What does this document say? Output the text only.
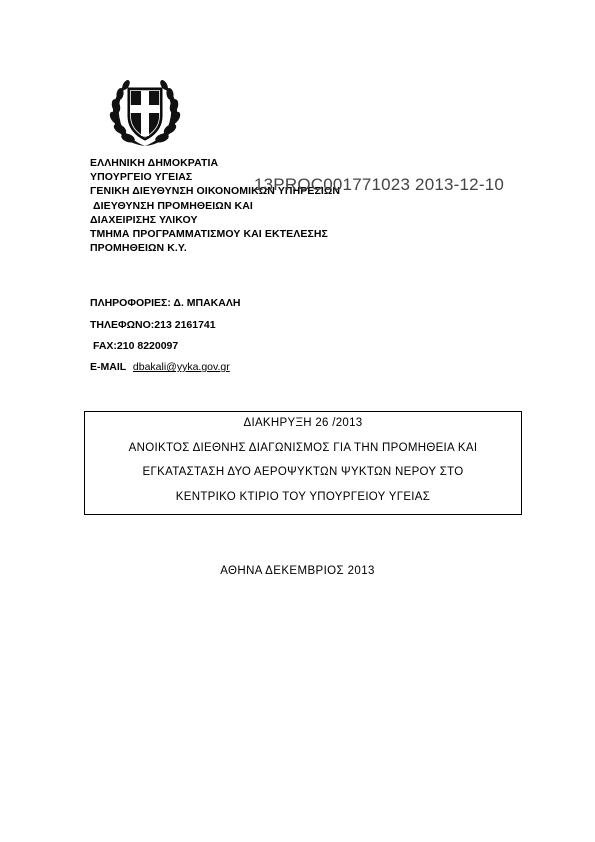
ΕΛΛΗΝΙΚΗ ΔΗΜΟΚΡΑΤΙΑ
ΥΠΟΥΡΓΕΙΟ ΥΓΕΙΑΣ
ΓΕΝΙΚΗ ΔΙΕΥΘΥΝΣΗ ΟΙΚΟΝΟΜΙΚΩΝ ΥΠΗΡΕΣΙΩΝ
ΔΙΕΥΘΥΝΣΗ ΠΡΟΜΗΘΕΙΩΝ ΚΑΙ
ΔΙΑΧΕΙΡΙΣΗΣ ΥΛΙΚΟΥ
ΤΜΗΜΑ ΠΡΟΓΡΑΜΜΑΤΙΣΜΟΥ ΚΑΙ ΕΚΤΕΛΕΣΗΣ
ΠΡΟΜΗΘΕΙΩΝ Κ.Υ.
13PROC001771023 2013-12-10
ΠΛΗΡΟΦΟΡΙΕΣ: Δ. ΜΠΑΚΑΛΗ
ΤΗΛΕΦΩΝΟ:213 2161741
FAX:210 8220097
E-MAIL dbakali@yyka.gov.gr
ΔΙΑΚΗΡΥΞΗ 26 /2013
ΑΝΟΙΚΤΟΣ ΔΙΕΘΝΗΣ ΔΙΑΓΩΝΙΣΜΟΣ ΓΙΑ ΤΗΝ ΠΡΟΜΗΘΕΙΑ ΚΑΙ
ΕΓΚΑΤΑΣΤΑΣΗ ΔΥΟ ΑΕΡΟΨΥΚΤΩΝ ΨΥΚΤΩΝ ΝΕΡΟΥ ΣΤΟ
ΚΕΝΤΡΙΚΟ ΚΤΙΡΙΟ ΤΟΥ ΥΠΟΥΡΓΕΙΟΥ ΥΓΕΙΑΣ
ΑΘΗΝΑ ΔΕΚΕΜΒΡΙΟΣ 2013
